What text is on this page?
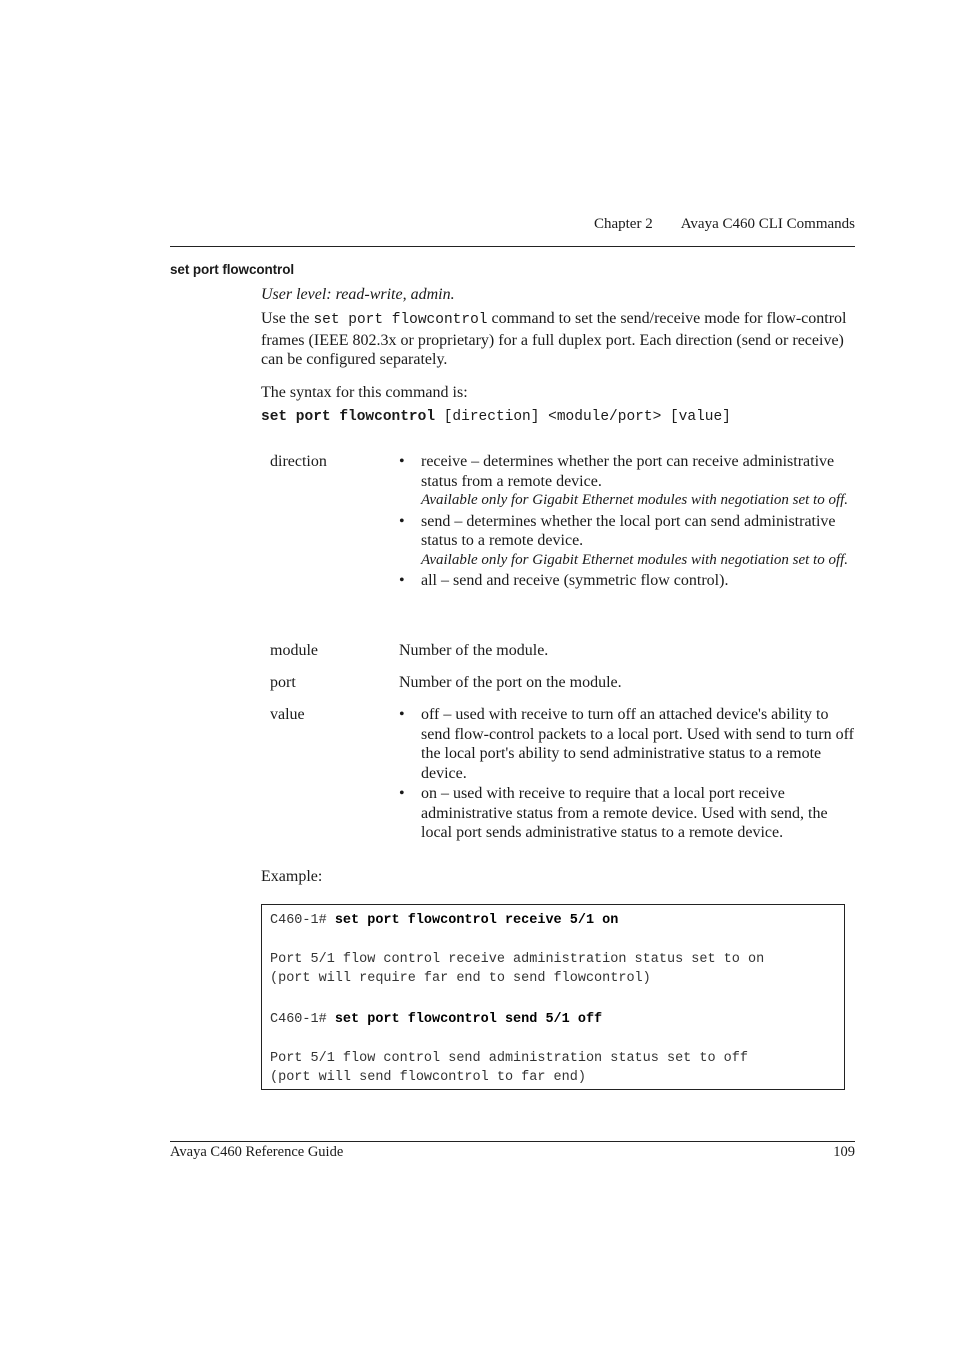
Chapter 2 Avaya C460 CLI Commands
set port flowcontrol
User level: read-write, admin.
Use the set port flowcontrol command to set the send/receive mode for flow-control frames (IEEE 802.3x or proprietary) for a full duplex port. Each direction (send or receive) can be configured separately.
The syntax for this command is:
set port flowcontrol [direction] <module/port> [value]
direction	• receive – determines whether the port can receive administrative status from a remote device.
Available only for Gigabit Ethernet modules with negotiation set to off.
• send – determines whether the local port can send administrative status to a remote device.
Available only for Gigabit Ethernet modules with negotiation set to off.
• all – send and receive (symmetric flow control).
module	Number of the module.
port	Number of the port on the module.
value	• off – used with receive to turn off an attached device's ability to send flow-control packets to a local port. Used with send to turn off the local port's ability to send administrative status to a remote device.
• on – used with receive to require that a local port receive administrative status from a remote device. Used with send, the local port sends administrative status to a remote device.
Example:
C460-1# set port flowcontrol receive 5/1 on
Port 5/1 flow control receive administration status set to on
(port will require far end to send flowcontrol)
C460-1# set port flowcontrol send 5/1 off
Port 5/1 flow control send administration status set to off
(port will send flowcontrol to far end)
Avaya C460 Reference Guide	109
